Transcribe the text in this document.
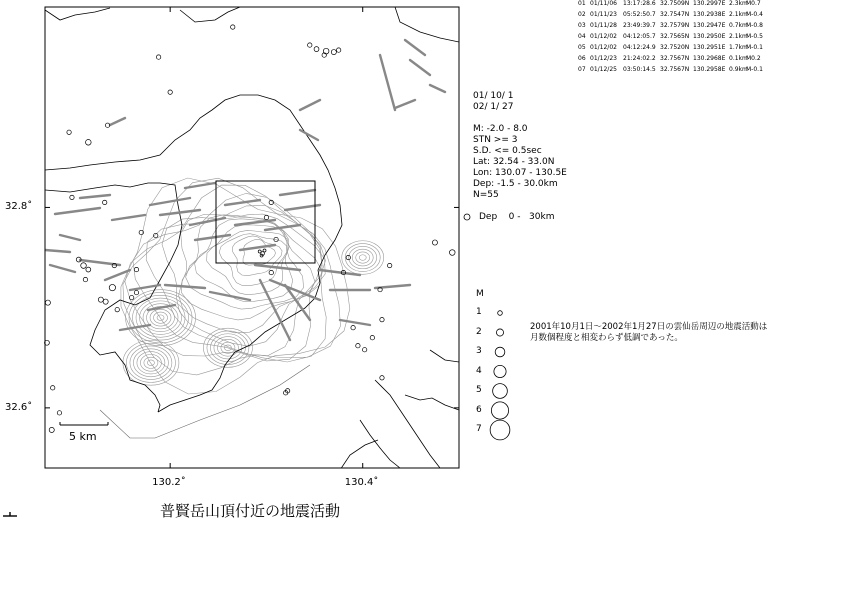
32.8˚
32.6˚
130.2˚	130.4˚
5 km
01 01/11/06 13:17:28.6 32.7509N 130.2997E 2.3kmM0.7
02 01/11/23 05:52:50.7 32.7547N 130.2938E 2.1kmM-0.4
03 01/11/28 23:49:39.7 32.7579N 130.2947E 0.7kmM-0.8
04 01/12/02 04:12:05.7 32.7565N 130.2950E 2.1kmM-0.5
05 01/12/02 04:12:24.9 32.7520N 130.2951E 1.7kmM-0.1
06 01/12/23 21:24:02.2 32.7567N 130.2968E 0.1kmM0.2
07 01/12/25 03:50:14.5 32.7567N 130.2958E 0.9kmM-0.1
01/ 10/ 1
02/ 1/ 27
M: -2.0 - 8.0
STN >= 3
S.D. <= 0.5sec
Lat: 32.54 - 33.0N
Lon: 130.07 - 130.5E
Dep: -1.5 - 30.0km
N=55
Dep    0 -   30km
M
1
2
3
4
5
6
7
2001年10月1日～2002年1月27日の雲仙岳周辺の地震活動は
月数個程度と相変わらず低調であった。
普賢岳山頂付近の地震活動
